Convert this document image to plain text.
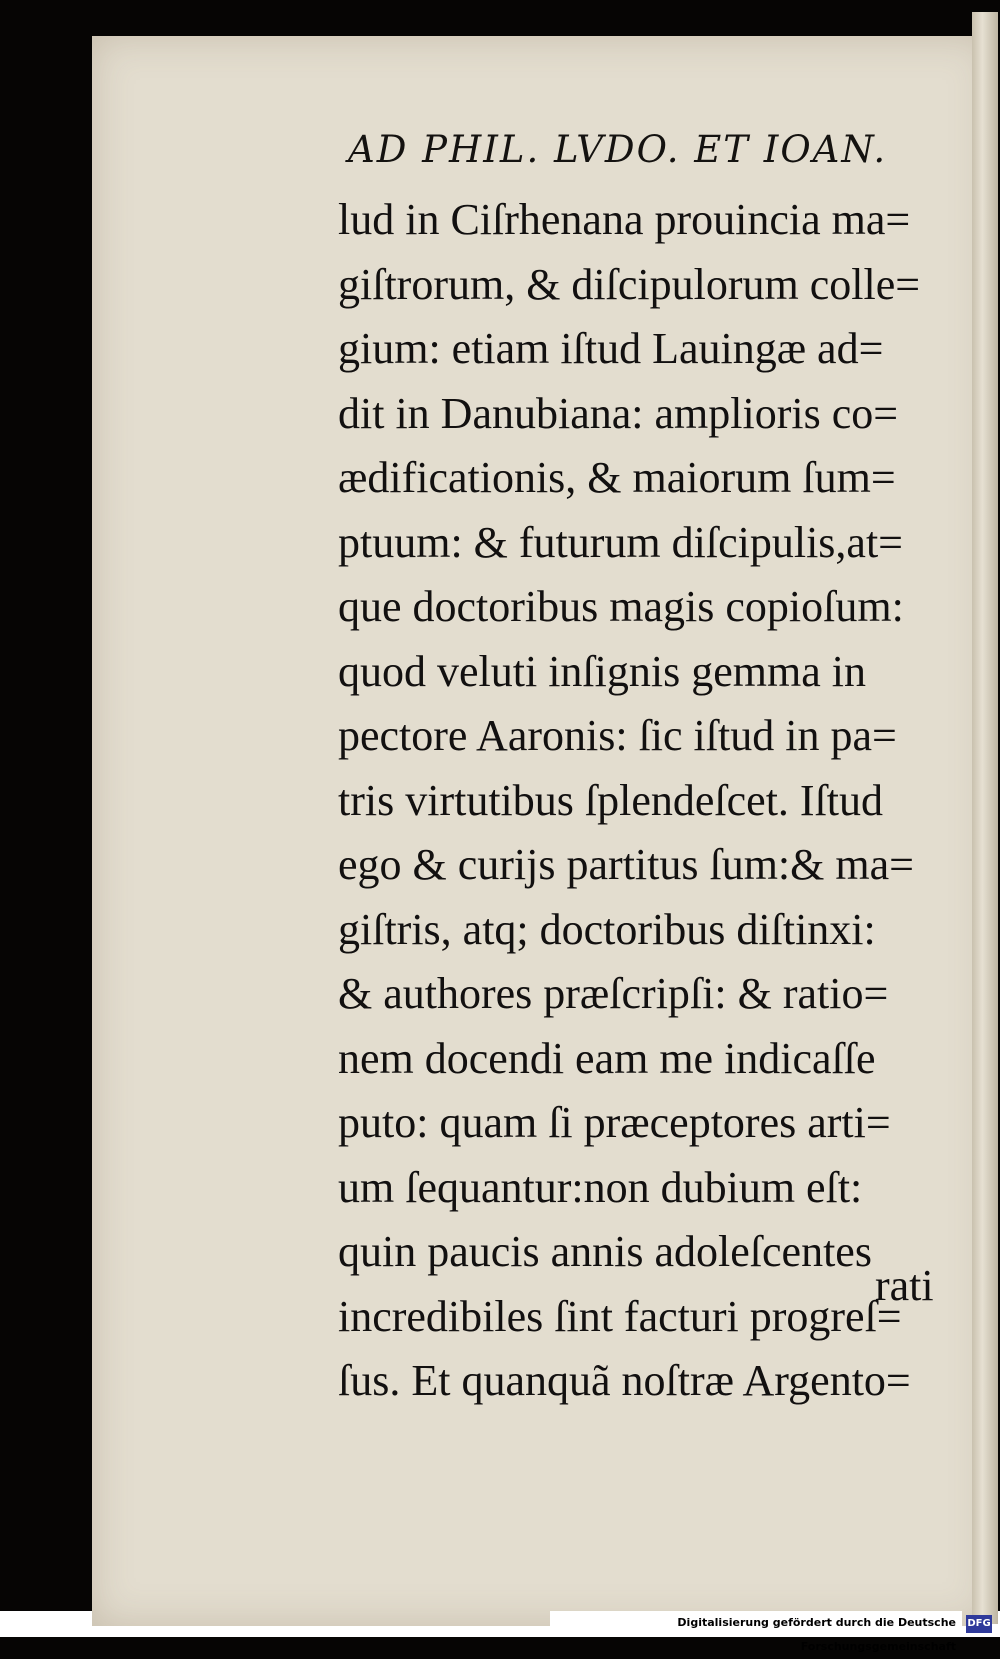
AD PHIL. LVDO. ET IOAN.
lud in Ciſrhenana prouincia ma=
giſtrorum, & diſcipulorum colle=
gium: etiam iſtud Lauingæ ad=
dit in Danubiana: amplioris co=
ædificationis, & maiorum ſum=
ptuum: & futurum diſcipulis,at=
que doctoribus magis copioſum:
quod veluti inſignis gemma in
pectore Aaronis: ſic iſtud in pa=
tris virtutibus ſplendeſcet. Iſtud
ego & curijs partitus ſum:& ma=
giſtris, atq; doctoribus diſtinxi:
& authores præſcripſi: & ratio=
nem docendi eam me indicaſſe
puto: quam ſi præceptores arti=
um ſequantur:non dubium eſt:
quin paucis annis adoleſcentes
incredibiles ſint facturi progreſ=
ſus. Et quanquã noſtræ Argento=
rati
Digitalisierung gefördert durch die Deutsche Forschungsgemeinschaft
DFG
